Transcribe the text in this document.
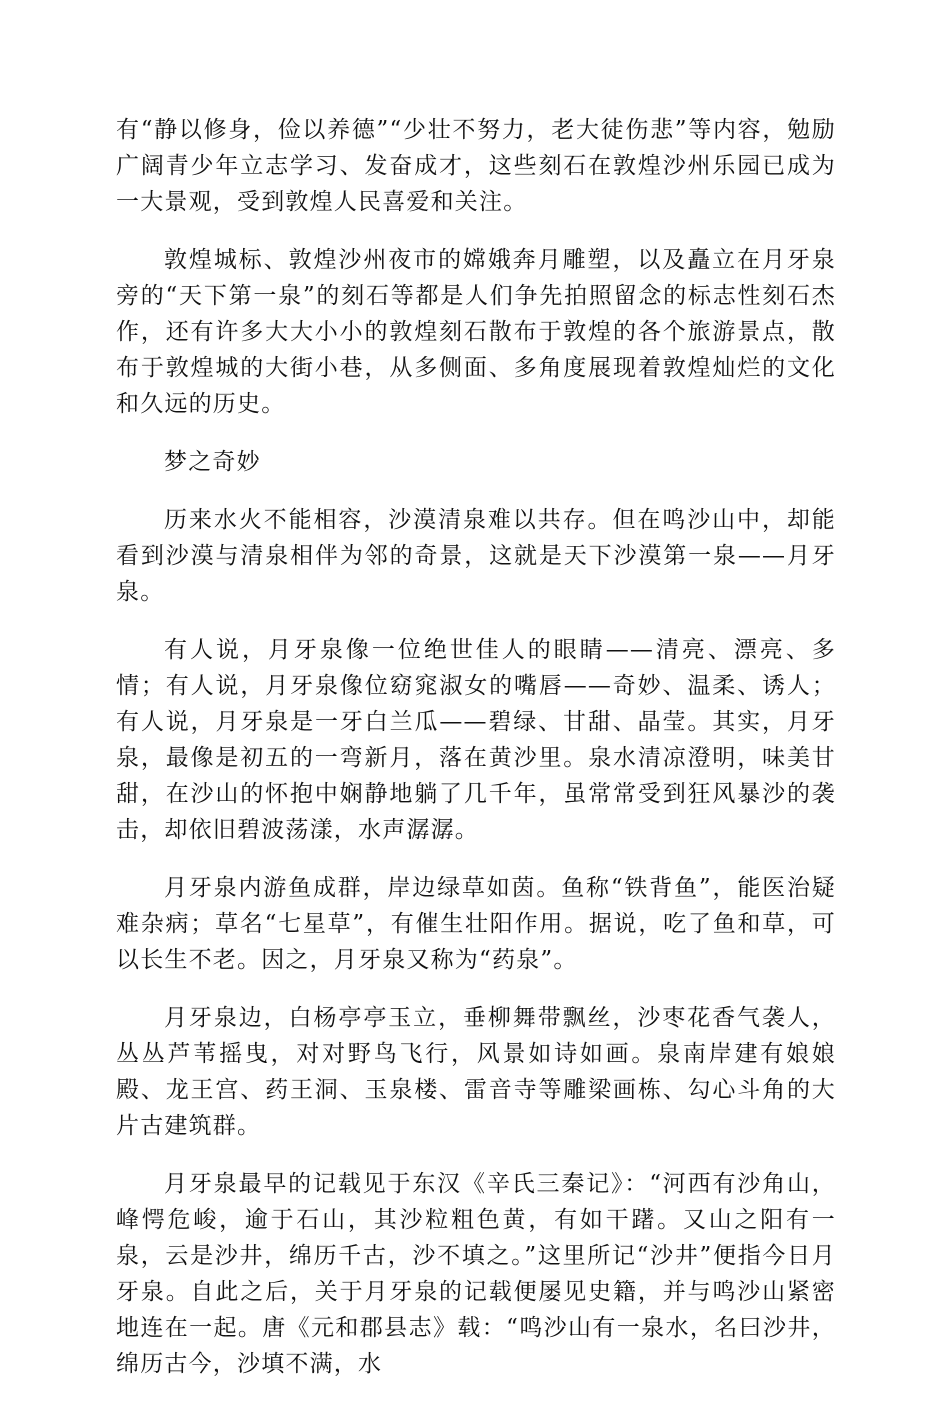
有“静以修身，俭以养德”“少壮不努力，老大徒伤悲”等内容，勉励广阔青少年立志学习、发奋成才，这些刻石在敦煌沙州乐园已成为一大景观，受到敦煌人民喜爱和关注。

敦煌城标、敦煌沙州夜市的嫦娥奔月雕塑，以及矗立在月牙泉旁的“天下第一泉”的刻石等都是人们争先拍照留念的标志性刻石杰作，还有许多大大小小的敦煌刻石散布于敦煌的各个旅游景点，散布于敦煌城的大街小巷，从多侧面、多角度展现着敦煌灿烂的文化和久远的历史。

梦之奇妙

历来水火不能相容，沙漠清泉难以共存。但在鸣沙山中，却能看到沙漠与清泉相伴为邻的奇景，这就是天下沙漠第一泉——月牙泉。

有人说，月牙泉像一位绝世佳人的眼睛——清亮、漂亮、多情；有人说，月牙泉像位窈窕淑女的嘴唇——奇妙、温柔、诱人；有人说，月牙泉是一牙白兰瓜——碧绿、甘甜、晶莹。其实，月牙泉，最像是初五的一弯新月，落在黄沙里。泉水清凉澄明，味美甘甜，在沙山的怀抱中娴静地躺了几千年，虽常常受到狂风暴沙的袭击，却依旧碧波荡漾，水声潺潺。

月牙泉内游鱼成群，岸边绿草如茵。鱼称“铁背鱼”，能医治疑难杂病；草名“七星草”，有催生壮阳作用。据说，吃了鱼和草，可以长生不老。因之，月牙泉又称为“药泉”。

月牙泉边，白杨亭亭玉立，垂柳舞带飘丝，沙枣花香气袭人，丛丛芦苇摇曳，对对野鸟飞行，风景如诗如画。泉南岸建有娘娘殿、龙王宫、药王洞、玉泉楼、雷音寺等雕梁画栋、勾心斗角的大片古建筑群。

月牙泉最早的记载见于东汉《辛氏三秦记》：“河西有沙角山，峰愕危峻，逾于石山，其沙粒粗色黄，有如干躇。又山之阳有一泉，云是沙井，绵历千古，沙不填之。”这里所记“沙井”便指今日月牙泉。自此之后，关于月牙泉的记载便屡见史籍，并与鸣沙山紧密地连在一起。唐《元和郡县志》载：“鸣沙山有一泉水，名曰沙井，绵历古今，沙填不满，水
